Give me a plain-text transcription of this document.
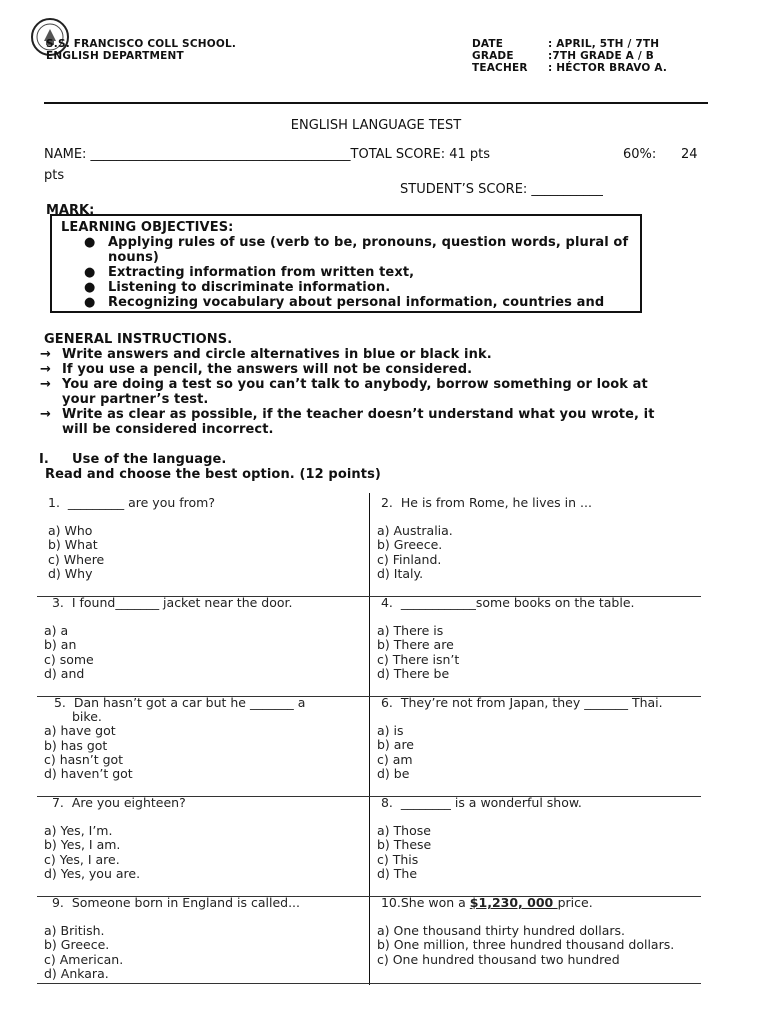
S.S. FRANCISCO COLL SCHOOL.
ENGLISH DEPARTMENT
DATE	: APRIL, 5TH / 7TH
GRADE	:7TH GRADE A / B
TEACHER : HÉCTOR BRAVO A.
ENGLISH LANGUAGE TEST
NAME: ________________________________________TOTAL SCORE: 41 pts	60%: 24
pts
STUDENT’S SCORE: ___________
MARK:
LEARNING OBJECTIVES:
● Applying rules of use (verb to be, pronouns, question words, plural of nouns)
● Extracting information from written text,
● Listening to discriminate information.
● Recognizing vocabulary about personal information, countries and
GENERAL INSTRUCTIONS.
→ Write answers and circle alternatives in blue or black ink.
→ If you use a pencil, the answers will not be considered.
→ You are doing a test so you can’t talk to anybody, borrow something or look at your partner’s test.
→ Write as clear as possible, if the teacher doesn’t understand what you wrote, it will be considered incorrect.
I. Use of the language.
Read and choose the best option. (12 points)
1. _________ are you from?
a) Who
b) What
c) Where
d) Why
2. He is from Rome, he lives in ...
a) Australia.
b) Greece.
c) Finland.
d) Italy.
3. I found_______ jacket near the door.
a) a
b) an
c) some
d) and
4. ____________some books on the table.
a) There is
b) There are
c) There isn’t
d) There be
5. Dan hasn’t got a car but he _______ a bike.
a) have got
b) has got
c) hasn’t got
d) haven’t got
6. They’re not from Japan, they _______ Thai.
a) is
b) are
c) am
d) be
7. Are you eighteen?
a) Yes, I’m.
b) Yes, I am.
c) Yes, I are.
d) Yes, you are.
8. ________ is a wonderful show.
a) Those
b) These
c) This
d) The
9. Someone born in England is called...
a) British.
b) Greece.
c) American.
d) Ankara.
10.She won a $1,230, 000 price.
a) One thousand thirty hundred dollars.
b) One million, three hundred thousand dollars.
c) One hundred thousand two hundred
